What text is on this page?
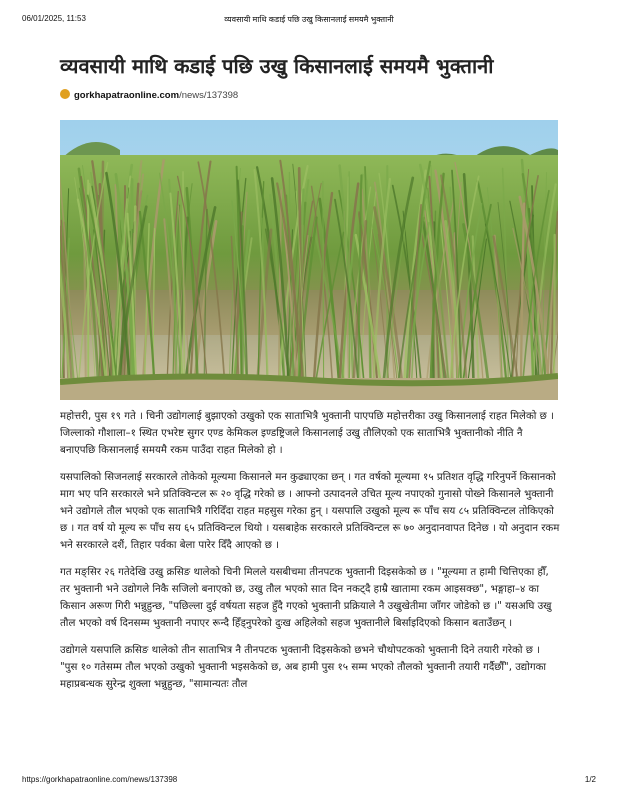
06/01/2025, 11:53	व्यवसायी माथि कडाई पछि उखु किसानलाई समयमै भुक्तानी
व्यवसायी माथि कडाई पछि उखु किसानलाई समयमै भुक्तानी
gorkhapatraonline.com/news/137398

महोत्तरी, पुस १९ गते । चिनी उद्योगलाई बुझाएको उखुको एक साताभित्रै भुक्तानी पाएपछि महोत्तरीका उखु किसानलाई राहत मिलेको छ । जिल्लाको गौशाला–१ स्थित एभरेष्ट सुगर एण्ड केमिकल इण्डष्ट्रिजले किसानलाई उखु तौलिएको एक साताभित्रै भुक्तानीको नीति नै बनाएपछि किसानलाई समयमै रकम पाउँदा राहत मिलेको हो ।

यसपालिको सिजनलाई सरकारले तोकेको मूल्यमा किसानले मन कुढ्याएका छन् । गत वर्षको मूल्यमा १५ प्रतिशत वृद्धि गरिनुपर्ने किसानको माग भए पनि सरकारले भने प्रतिक्विन्टल रू २० वृद्धि गरेको छ । आफ्नो उत्पादनले उचित मूल्य नपाएको गुनासो पोख्ने किसानले भुक्तानी भने उद्योगले तौल भएको एक साताभित्रै गरिदिँदा राहत महसुस गरेका हुन् । यसपालि उखुको मूल्य रू पाँच सय ८५ प्रतिक्विन्टल तोकिएको छ । गत वर्ष यो मूल्य रू पाँच सय ६५ प्रतिक्विन्टल थियो । यसबाहेक सरकारले प्रतिक्विन्टल रू ७० अनुदानवापत दिनेछ । यो अनुदान रकम भने सरकारले दशैं, तिहार पर्वका बेला पारेर दिँदै आएको छ ।

गत मङ्सिर २६ गतेदेखि उखु क्रसिङ थालेको चिनी मिलले यसबीचमा तीनपटक भुक्तानी दिइसकेको छ । "मूल्यमा त हामी चित्तिएका हौँ, तर भुक्तानी भने उद्योगले निकै सजिलो बनाएको छ, उखु तौल भएको सात दिन नकट्दै हाम्रै खातामा रकम आइसक्छ", भङ्गाहा–४ का किसान अरूण गिरी भन्नुहुन्छ, "पछिल्ला दुई वर्षयता सहज हुँदै गएको भुक्तानी प्रक्रियाले नै उखुखेतीमा जाँगर जोडेको छ ।" यसअघि उखु तौल भएको वर्ष दिनसम्म भुक्तानी नपाएर रून्दै हिँड्नुपरेको दुःख अहिलेको सहज भुक्तानीले बिर्साइदिएको किसान बताउँछन् ।

उद्योगले यसपालि क्रसिङ थालेको तीन साताभित्र नै तीनपटक भुक्तानी दिइसकेको छभने चौथोपटकको भुक्तानी दिने तयारी गरेको छ । "पुस १० गतेसम्म तौल भएको उखुको भुक्तानी भइसकेको छ, अब हामी पुस १५ सम्म भएको तौलको भुक्तानी तयारी गर्दैछौँ", उद्योगका महाप्रबन्धक सुरेन्द्र शुक्ला भन्नुहुन्छ, "सामान्यतः तौल

https://gorkhapatraonline.com/news/137398	1/2
